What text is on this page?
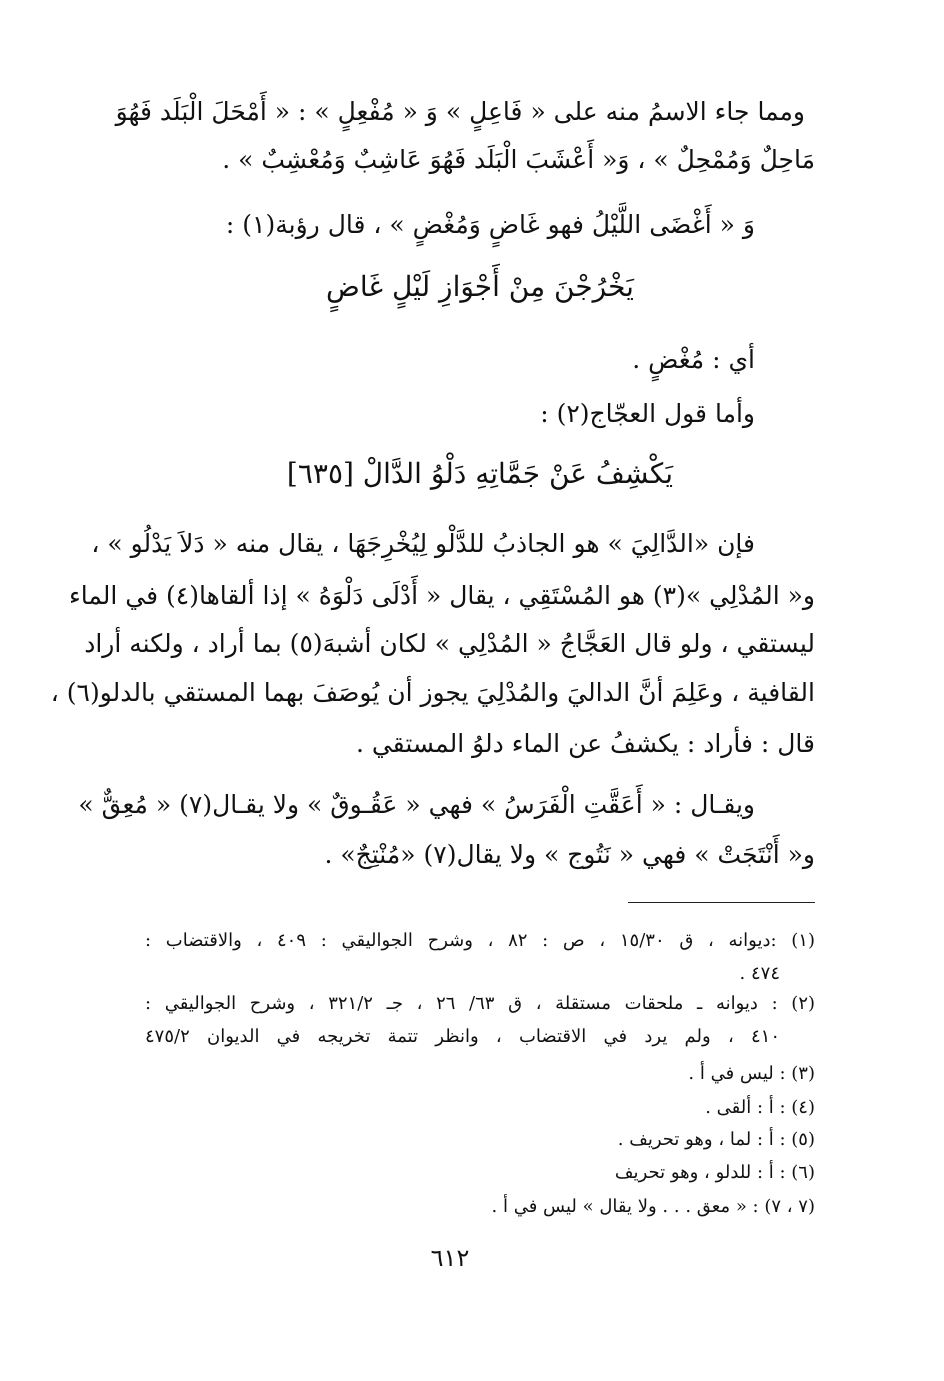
ومما جاء الاسمُ منه على « فَاعِلٍ » وَ « مُفْعِلٍ » : « أَمْحَلَ الْبَلَد فَهُوَ
مَاحِلٌ وَمُمْحِلٌ » ، وَ« أَعْشَبَ الْبَلَد فَهُوَ عَاشِبٌ وَمُعْشِبٌ » .
وَ « أَغْضَى اللَّيْلُ فهو غَاضٍ وَمُغْضٍ » ، قال رؤبة(١) :
يَخْرُجْنَ مِنْ أَجْوَازِ لَيْلٍ غَاضٍ
أي : مُغْضٍ .
وأما قول العجّاج(٢) :
يَكْشِفُ عَنْ جَمَّاتِهِ دَلْوُ الدَّالْ [٦٣٥]
فإن «الدَّالِيَ » هو الجاذبُ للدَّلْو لِيُخْرِجَهَا ، يقال منه « دَلاَ يَدْلُو » ،
و« المُدْلِي »(٣) هو المُسْتَقِي ، يقال « أَدْلَى دَلْوَهُ » إذا ألقاها(٤) في الماء
ليستقي ، ولو قال العَجَّاجُ « المُدْلِي » لكان أشبهَ(٥) بما أراد ، ولكنه أراد
القافية ، وعَلِمَ أنَّ الداليَ والمُدْلِيَ يجوز أن يُوصَفَ بهما المستقي بالدلو(٦) ،
قال : فأراد : يكشفُ عن الماء دلوُ المستقي .
ويقـال : « أَعَقَّتِ الْفَرَسُ » فهي « عَقُـوقٌ » ولا يقـال(٧) « مُعِقٌّ »
و« أَنْتَجَتْ » فهي « نَتُوج » ولا يقال(٧) «مُنْتِجٌ» .
(١) :ديوانه ، ق ١٥/٣٠ ، ص : ٨٢ ، وشرح الجواليقي : ٤٠٩ ، والاقتضاب :
٤٧٤ .
(٢) : ديوانه ـ ملحقات مستقلة ، ق ٦٣/ ٢٦ ، جـ ٣٢١/٢ ، وشرح الجواليقي :
٤١٠ ، ولم يرد في الاقتضاب ، وانظر تتمة تخريجه في الديوان ٤٧٥/٢
(٣) : ليس في أ .
(٤) : أ : ألقى .
(٥) : أ : لما ، وهو تحريف .
(٦) : أ : للدلو ، وهو تحريف
(٧ ، ٧) : « معق . . . ولا يقال » ليس في أ .
٦١٢
